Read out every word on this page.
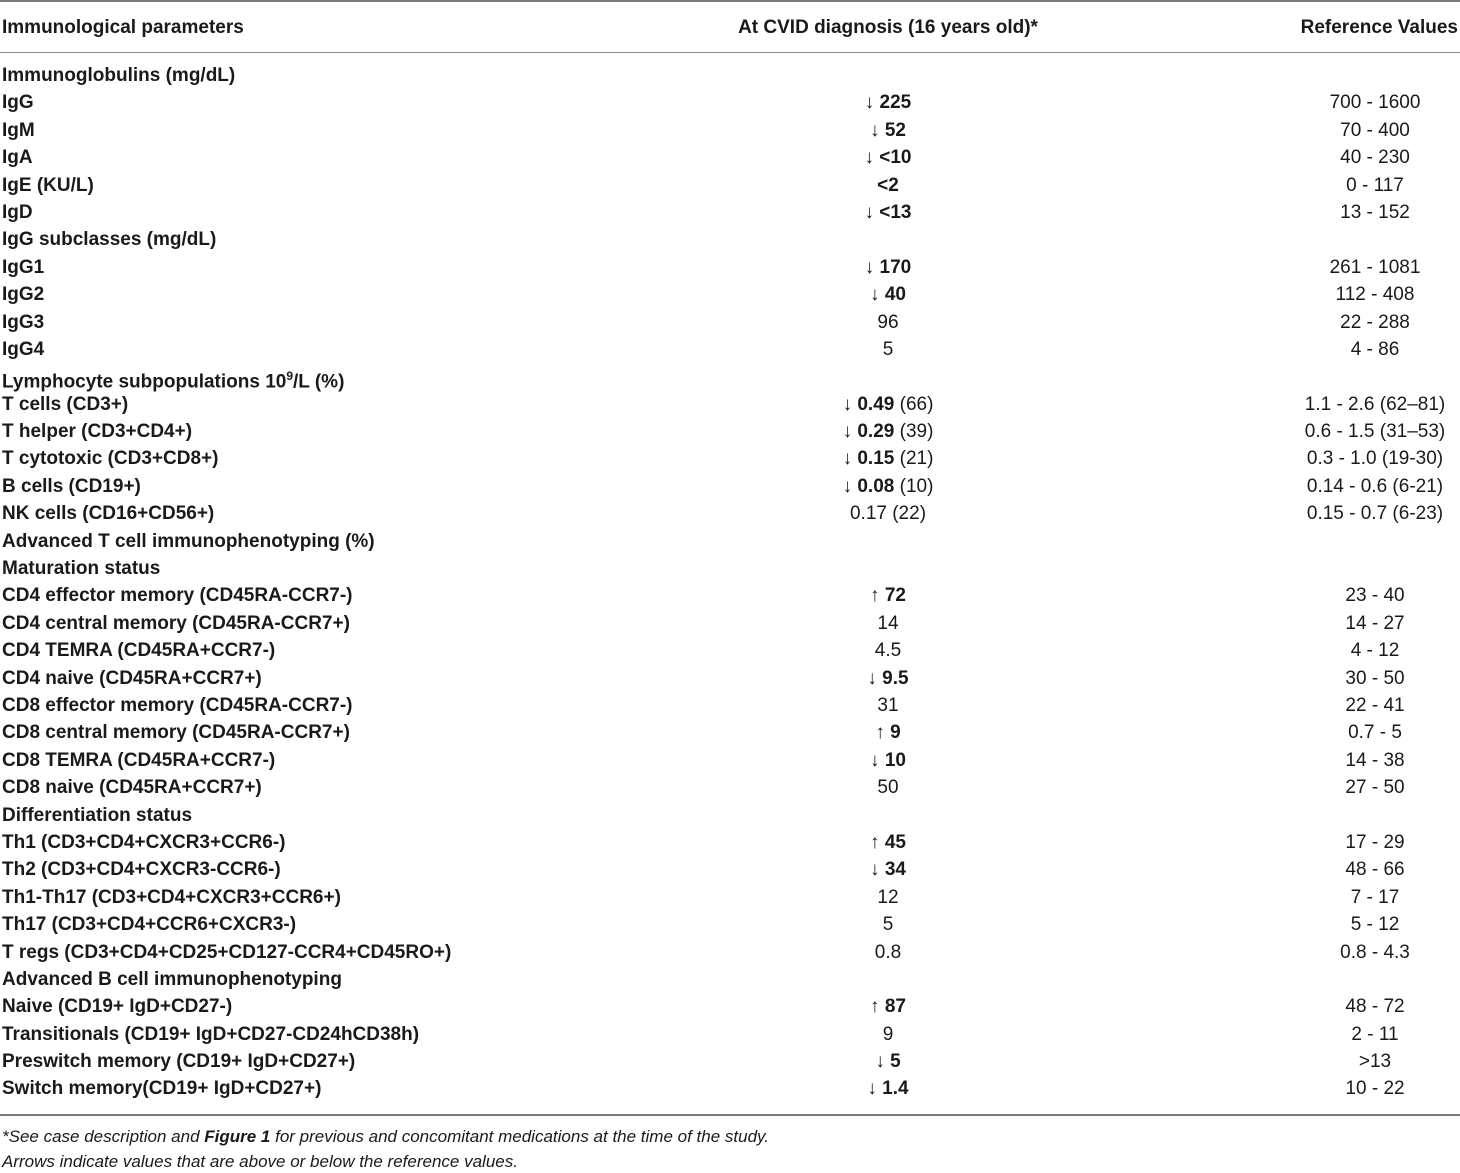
Immunological parameters	At CVID diagnosis (16 years old)*	Reference Values
Immunoglobulins (mg/dL)
IgG	↓ 225	700 - 1600
IgM	↓ 52	70 - 400
IgA	↓ <10	40 - 230
IgE (KU/L)	<2	0 - 117
IgD	↓ <13	13 - 152
IgG subclasses (mg/dL)
IgG1	↓ 170	261 - 1081
IgG2	↓ 40	112 - 408
IgG3	96	22 - 288
IgG4	5	4 - 86
Lymphocyte subpopulations $10^9/L$ (%)
T cells (CD3+)	↓ 0.49 (66)	1.1 - 2.6 (62–81)
T helper (CD3+CD4+)	↓ 0.29 (39)	0.6 - 1.5 (31–53)
T cytotoxic (CD3+CD8+)	↓ 0.15 (21)	0.3 - 1.0 (19-30)
B cells (CD19+)	↓ 0.08 (10)	0.14 - 0.6 (6-21)
NK cells (CD16+CD56+)	0.17 (22)	0.15 - 0.7 (6-23)
Advanced T cell immunophenotyping (%)
Maturation status
CD4 effector memory (CD45RA-CCR7-)	↑ 72	23 - 40
CD4 central memory (CD45RA-CCR7+)	14	14 - 27
CD4 TEMRA (CD45RA+CCR7-)	4.5	4 - 12
CD4 naive (CD45RA+CCR7+)	↓ 9.5	30 - 50
CD8 effector memory (CD45RA-CCR7-)	31	22 - 41
CD8 central memory (CD45RA-CCR7+)	↑ 9	0.7 - 5
CD8 TEMRA (CD45RA+CCR7-)	↓ 10	14 - 38
CD8 naive (CD45RA+CCR7+)	50	27 - 50
Differentiation status
Th1 (CD3+CD4+CXCR3+CCR6-)	↑ 45	17 - 29
Th2 (CD3+CD4+CXCR3-CCR6-)	↓ 34	48 - 66
Th1-Th17 (CD3+CD4+CXCR3+CCR6+)	12	7 - 17
Th17 (CD3+CD4+CCR6+CXCR3-)	5	5 - 12
T regs (CD3+CD4+CD25+CD127-CCR4+CD45RO+)	0.8	0.8 - 4.3
Advanced B cell immunophenotyping
Naive (CD19+ IgD+CD27-)	↑ 87	48 - 72
Transitionals (CD19+ IgD+CD27-CD24hCD38h)	9	2 - 11
Preswitch memory (CD19+ IgD+CD27+)	↓ 5	>13
Switch memory(CD19+ IgD+CD27+)	↓ 1.4	10 - 22
*See case description and Figure 1 for previous and concomitant medications at the time of the study.
Arrows indicate values that are above or below the reference values.
